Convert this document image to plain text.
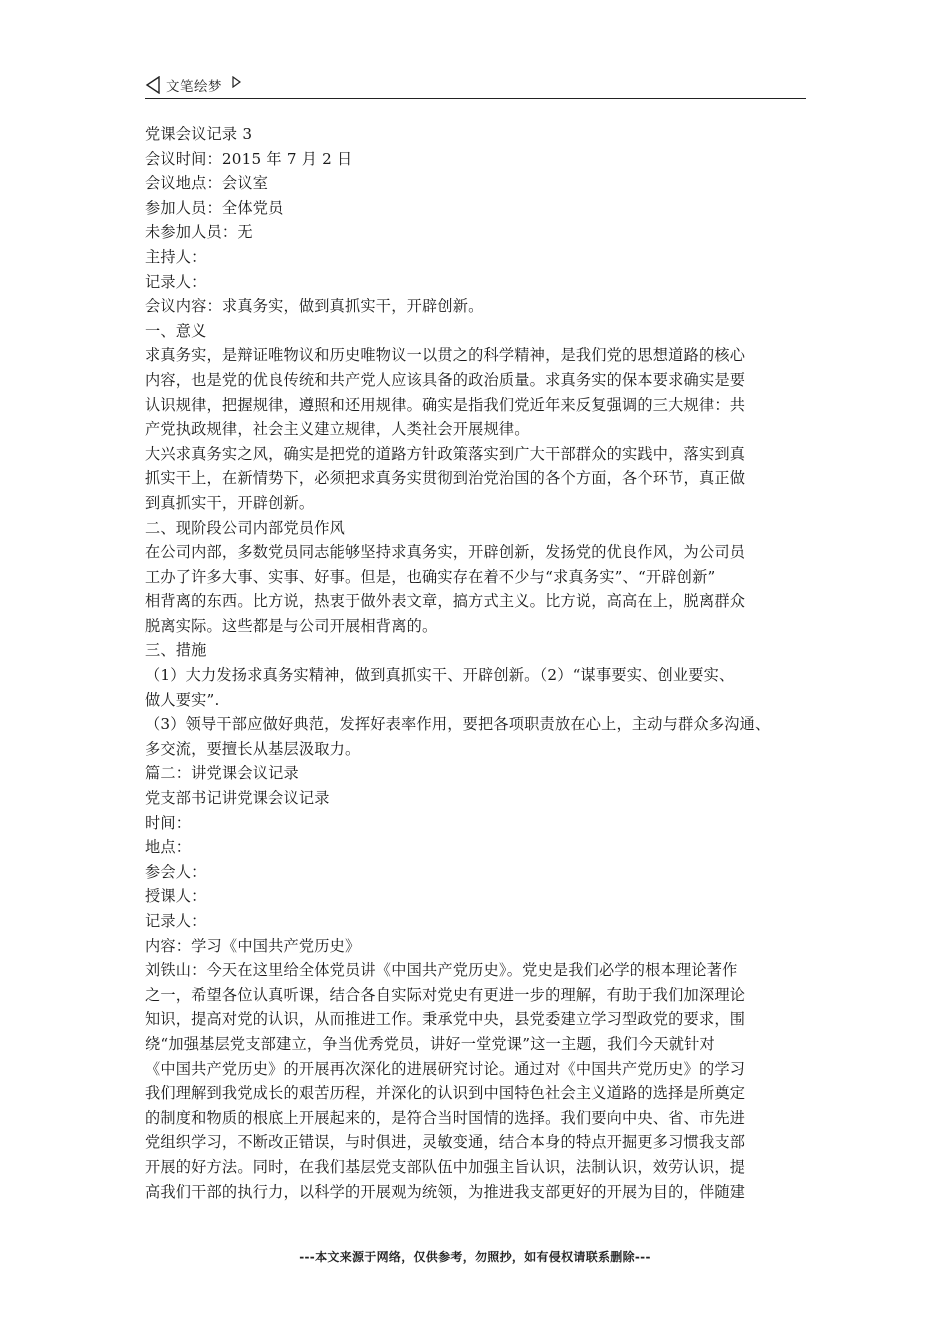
文笔绘梦
党课会议记录 3
会议时间：2015 年 7 月 2 日
会议地点：会议室
参加人员：全体党员
未参加人员：无
主持人：
记录人：
会议内容：求真务实，做到真抓实干，开辟创新。
一、意义
求真务实，是辩证唯物议和历史唯物议一以贯之的科学精神，是我们党的思想道路的核心
内容，也是党的优良传统和共产党人应该具备的政治质量。求真务实的保本要求确实是要
认识规律，把握规律，遵照和还用规律。确实是指我们党近年来反复强调的三大规律：共
产党执政规律，社会主义建立规律，人类社会开展规律。
大兴求真务实之风，确实是把党的道路方针政策落实到广大干部群众的实践中，落实到真
抓实干上，在新情势下，必须把求真务实贯彻到治党治国的各个方面，各个环节，真正做
到真抓实干，开辟创新。
二、现阶段公司内部党员作风
在公司内部，多数党员同志能够坚持求真务实，开辟创新，发扬党的优良作风，为公司员
工办了许多大事、实事、好事。但是，也确实存在着不少与“求真务实”、“开辟创新”
相背离的东西。比方说，热衷于做外表文章，搞方式主义。比方说，高高在上，脱离群众
脱离实际。这些都是与公司开展相背离的。
三、措施
（1）大力发扬求真务实精神，做到真抓实干、开辟创新。（2）“谋事要实、创业要实、
做人要实”.
（3）领导干部应做好典范，发挥好表率作用，要把各项职责放在心上，主动与群众多沟通、
多交流，要擅长从基层汲取力。
篇二：讲党课会议记录
党支部书记讲党课会议记录
时间：
地点：
参会人：
授课人：
记录人：
内容：学习《中国共产党历史》
刘铁山：今天在这里给全体党员讲《中国共产党历史》。党史是我们必学的根本理论著作
之一，希望各位认真听课，结合各自实际对党史有更进一步的理解，有助于我们加深理论
知识，提高对党的认识，从而推进工作。秉承党中央，县党委建立学习型政党的要求，围
绕“加强基层党支部建立，争当优秀党员，讲好一堂党课”这一主题，我们今天就针对
《中国共产党历史》的开展再次深化的进展研究讨论。通过对《中国共产党历史》的学习
我们理解到我党成长的艰苦历程，并深化的认识到中国特色社会主义道路的选择是所奠定
的制度和物质的根底上开展起来的，是符合当时国情的选择。我们要向中央、省、市先进
党组织学习，不断改正错误，与时俱进，灵敏变通，结合本身的特点开掘更多习惯我支部
开展的好方法。同时，在我们基层党支部队伍中加强主旨认识，法制认识，效劳认识，提
高我们干部的执行力，以科学的开展观为统领，为推进我支部更好的开展为目的，伴随建
---本文来源于网络，仅供参考，勿照抄，如有侵权请联系删除---
